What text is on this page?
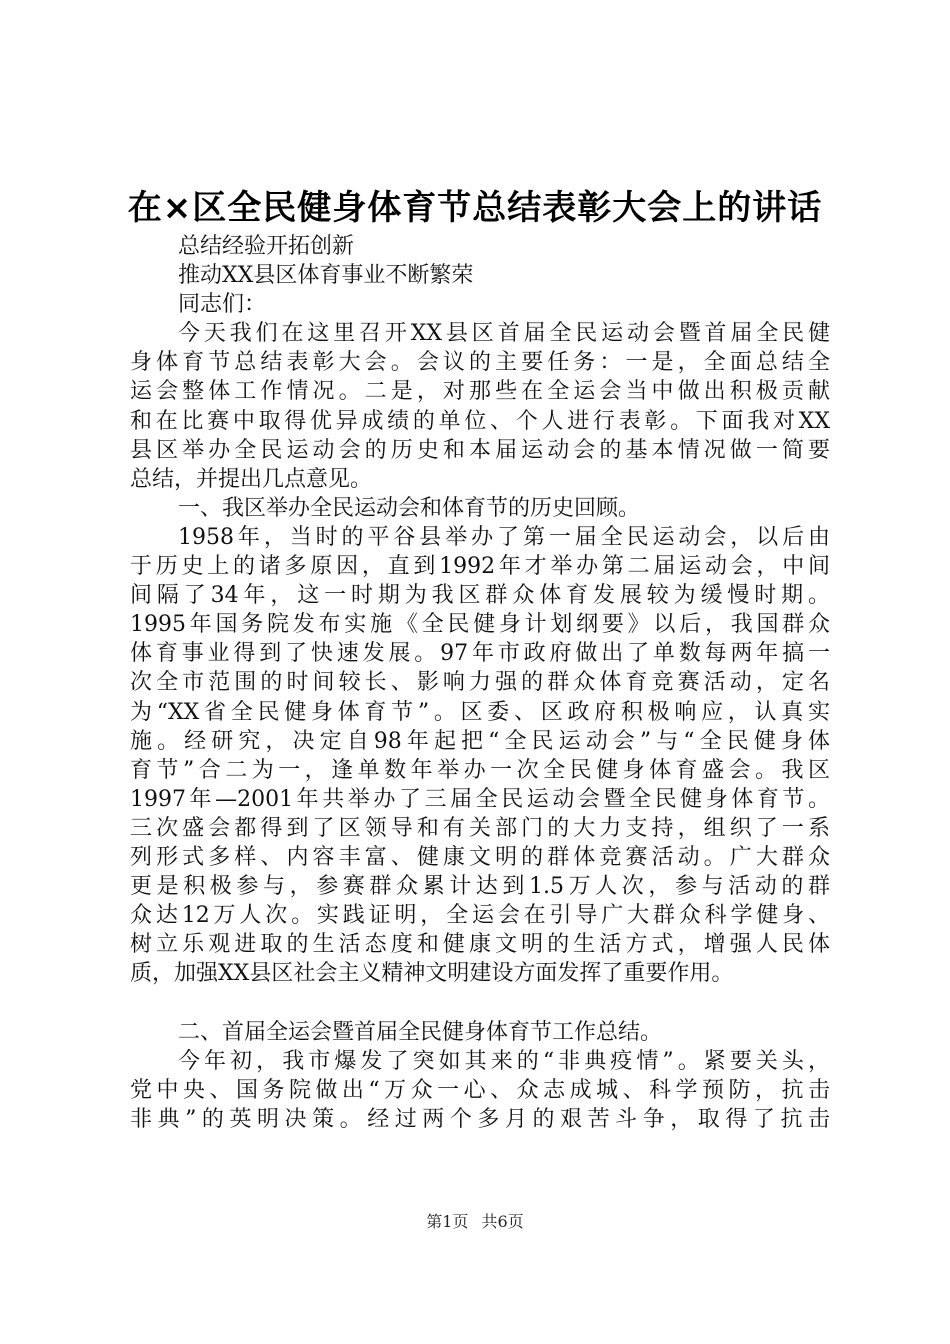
在×区全民健身体育节总结表彰大会上的讲话
总结经验开拓创新
推动XX县区体育事业不断繁荣
同志们：
今天我们在这里召开XX县区首届全民运动会暨首届全民健
身体育节总结表彰大会。会议的主要任务：一是，全面总结全
运会整体工作情况。二是，对那些在全运会当中做出积极贡献
和在比赛中取得优异成绩的单位、个人进行表彰。下面我对XX
县区举办全民运动会的历史和本届运动会的基本情况做一简要
总结，并提出几点意见。
一、我区举办全民运动会和体育节的历史回顾。
1958年，当时的平谷县举办了第一届全民运动会，以后由
于历史上的诸多原因，直到1992年才举办第二届运动会，中间
间隔了34年，这一时期为我区群众体育发展较为缓慢时期。
1995年国务院发布实施《全民健身计划纲要》以后，我国群众
体育事业得到了快速发展。97年市政府做出了单数每两年搞一
次全市范围的时间较长、影响力强的群众体育竞赛活动，定名
为“XX省全民健身体育节”。区委、区政府积极响应，认真实
施。经研究，决定自98年起把“全民运动会”与“全民健身体
育节”合二为一，逢单数年举办一次全民健身体育盛会。我区
1997年—2001年共举办了三届全民运动会暨全民健身体育节。
三次盛会都得到了区领导和有关部门的大力支持，组织了一系
列形式多样、内容丰富、健康文明的群体竞赛活动。广大群众
更是积极参与，参赛群众累计达到1.5万人次，参与活动的群
众达12万人次。实践证明，全运会在引导广大群众科学健身、
树立乐观进取的生活态度和健康文明的生活方式，增强人民体
质，加强XX县区社会主义精神文明建设方面发挥了重要作用。
二、首届全运会暨首届全民健身体育节工作总结。
今年初，我市爆发了突如其来的“非典疫情”。紧要关头，
党中央、国务院做出“万众一心、众志成城、科学预防，抗击
非典”的英明决策。经过两个多月的艰苦斗争，取得了抗击
第1页 共6页
